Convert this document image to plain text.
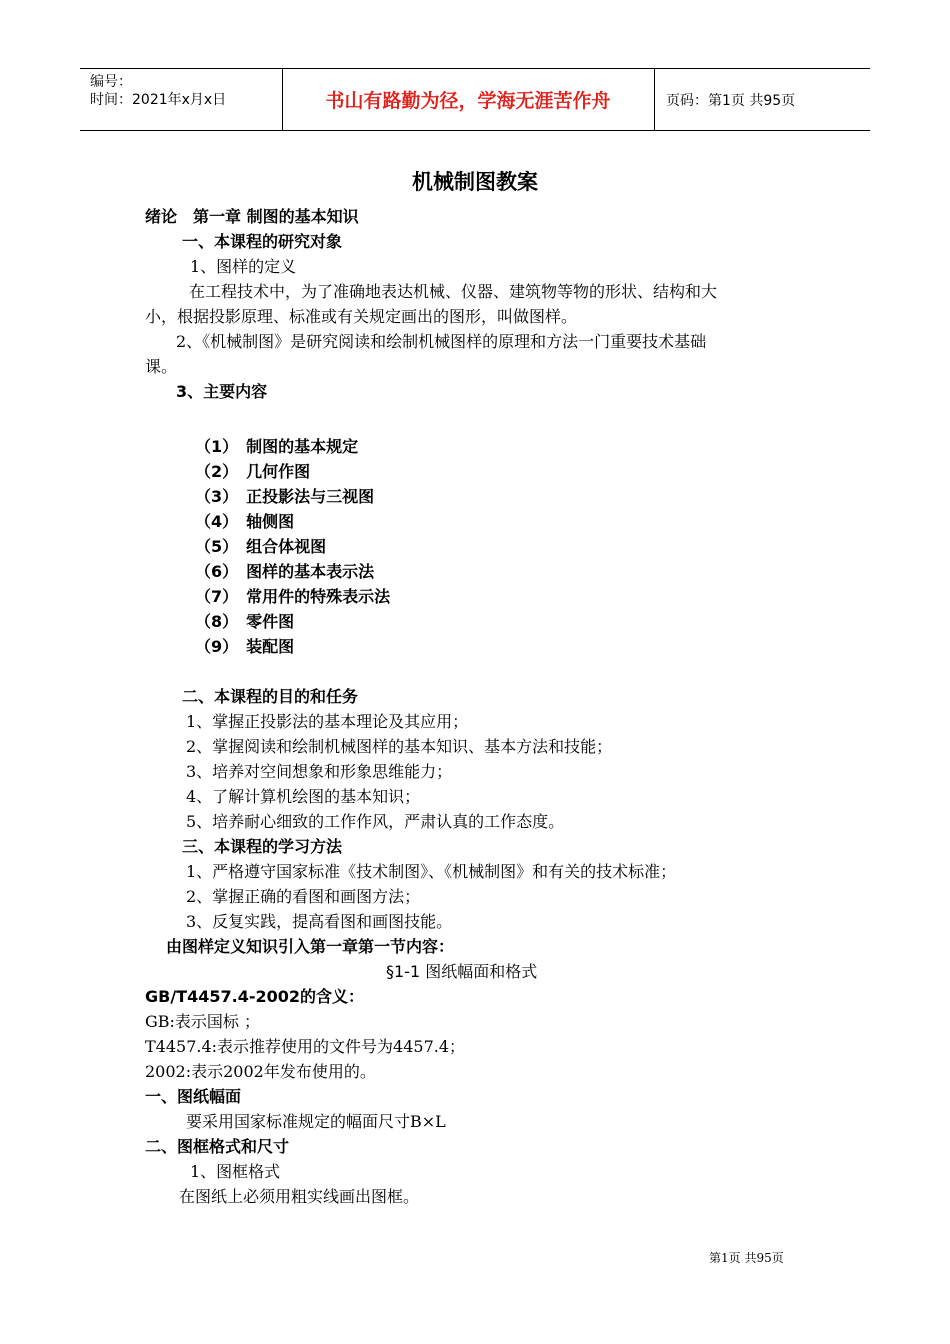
编号：
时间：2021年x月x日	书山有路勤为径，学海无涯苦作舟	页码：第1页 共95页
机械制图教案
绪论　第一章 制图的基本知识
一、本课程的研究对象
1、图样的定义
在工程技术中，为了准确地表达机械、仪器、建筑物等物的形状、结构和大
小，根据投影原理、标准或有关规定画出的图形，叫做图样。
2、《机械制图》是研究阅读和绘制机械图样的原理和方法一门重要技术基础
课。
3、主要内容
（1）　制图的基本规定
（2）　几何作图
（3）　正投影法与三视图
（4）　轴侧图
（5）　组合体视图
（6）　图样的基本表示法
（7）　常用件的特殊表示法
（8）　零件图
（9）　装配图
二、本课程的目的和任务
1、掌握正投影法的基本理论及其应用；
2、掌握阅读和绘制机械图样的基本知识、基本方法和技能；
3、培养对空间想象和形象思维能力；
4、了解计算机绘图的基本知识；
5、培养耐心细致的工作作风，严肃认真的工作态度。
三、本课程的学习方法
1、严格遵守国家标准《技术制图》、《机械制图》和有关的技术标准；
2、掌握正确的看图和画图方法；
3、反复实践，提高看图和画图技能。
由图样定义知识引入第一章第一节内容：
§1-1 图纸幅面和格式
GB/T4457.4-2002的含义：
GB:表示国标 ；
T4457.4:表示推荐使用的文件号为4457.4；
2002:表示2002年发布使用的。
一、图纸幅面
要采用国家标准规定的幅面尺寸B×L
二、图框格式和尺寸
1、图框格式
在图纸上必须用粗实线画出图框。
第1页 共95页
